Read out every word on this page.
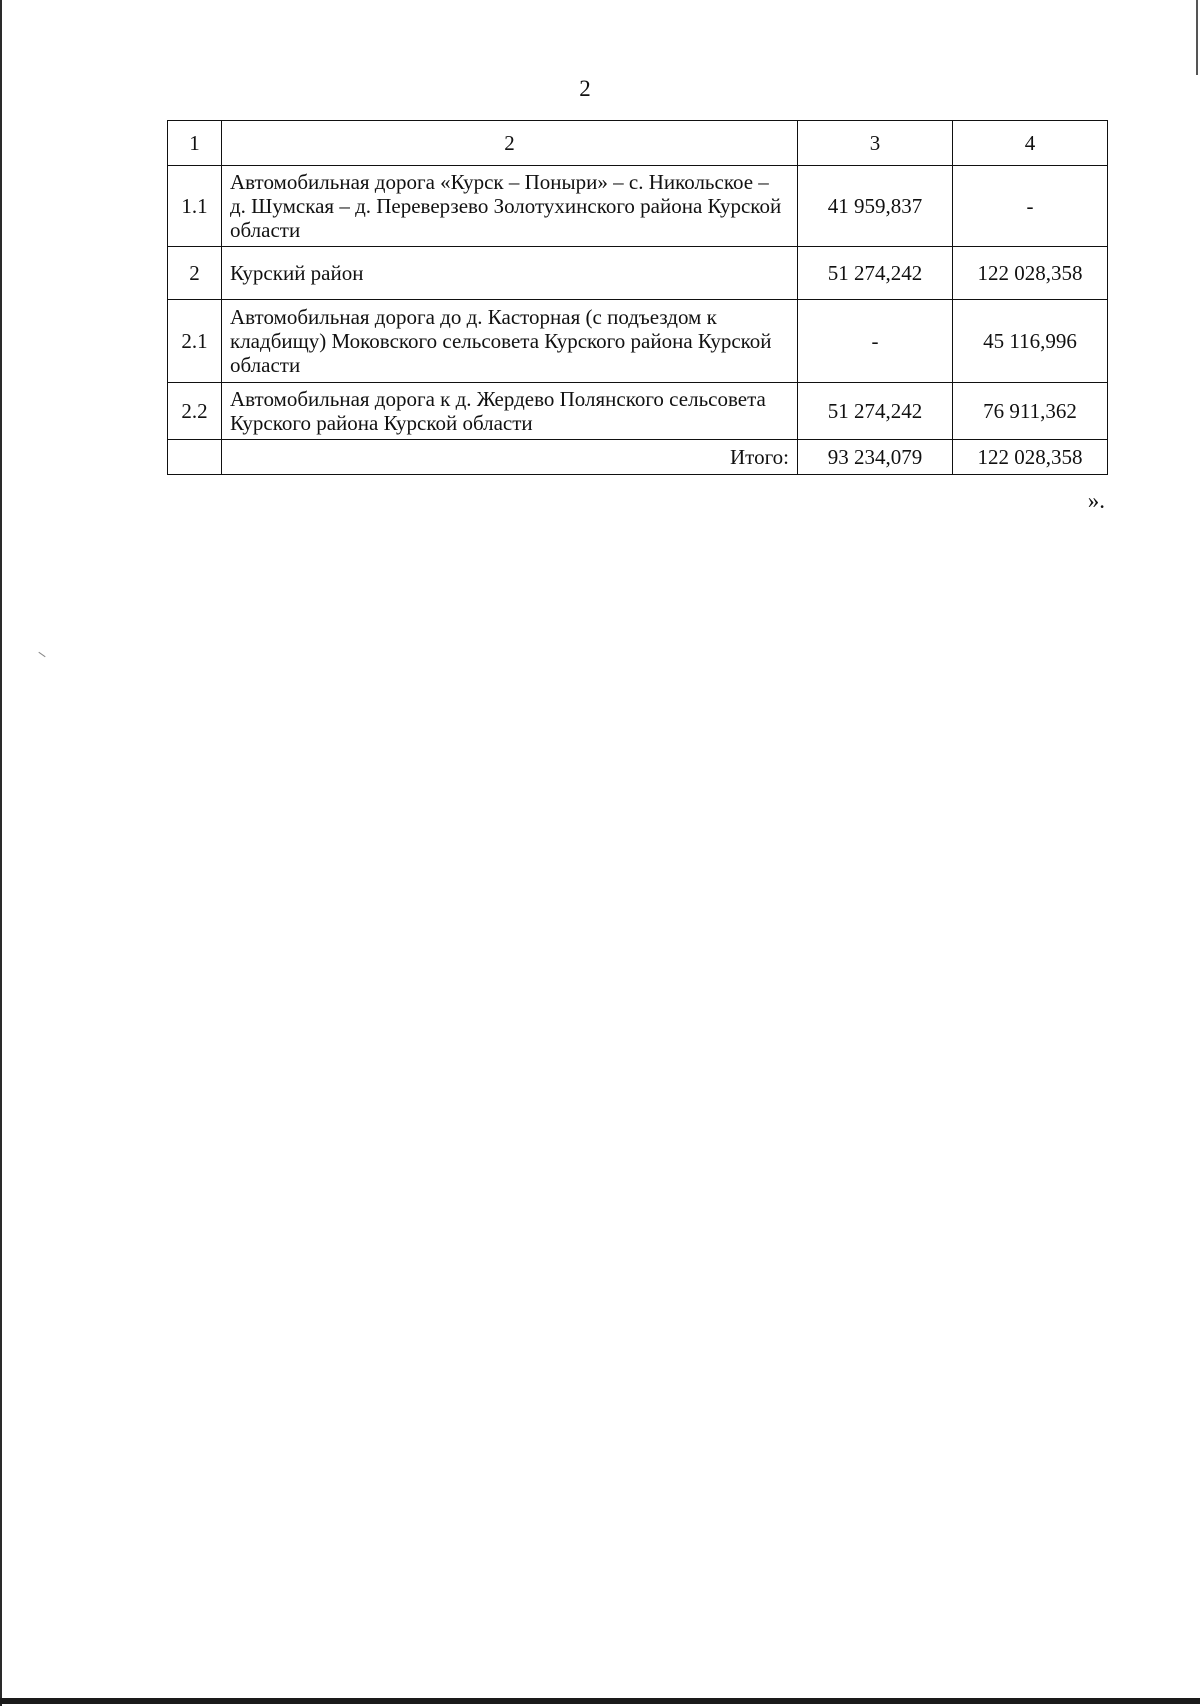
2
1	2	3	4
1.1	Автомобильная дорога «Курск – Поныри» – с. Никольское – д. Шумская – д. Переверзево Золотухинского района Курской области	41 959,837	-
2	Курский район	51 274,242	122 028,358
2.1	Автомобильная дорога до д. Касторная (с подъездом к кладбищу) Моковского сельсовета Курского района Курской области	-	45 116,996
2.2	Автомобильная дорога к д. Жердево Полянского сельсовета Курского района Курской области	51 274,242	76 911,362
	Итого:	93 234,079	122 028,358
».
